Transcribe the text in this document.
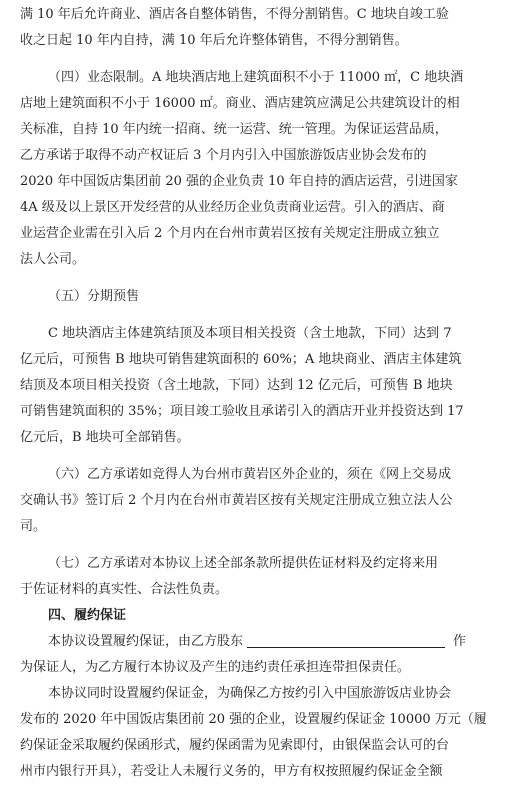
满 10 年后允许商业、酒店各自整体销售，不得分割销售。C 地块自竣工验
收之日起 10 年内自持，满 10 年后允许整体销售，不得分割销售。
（四）业态限制。A 地块酒店地上建筑面积不小于 11000 ㎡，C 地块酒
店地上建筑面积不小于 16000 ㎡。商业、酒店建筑应满足公共建筑设计的相
关标准，自持 10 年内统一招商、统一运营、统一管理。为保证运营品质，
乙方承诺于取得不动产权证后 3 个月内引入中国旅游饭店业协会发布的
2020 年中国饭店集团前 20 强的企业负责 10 年自持的酒店运营，引进国家
4A 级及以上景区开发经营的从业经历企业负责商业运营。引入的酒店、商
业运营企业需在引入后 2 个月内在台州市黄岩区按有关规定注册成立独立
法人公司。
（五）分期预售
C 地块酒店主体建筑结顶及本项目相关投资（含土地款，下同）达到 7
亿元后，可预售 B 地块可销售建筑面积的 60%；A 地块商业、酒店主体建筑
结顶及本项目相关投资（含土地款，下同）达到 12 亿元后，可预售 B 地块
可销售建筑面积的 35%；项目竣工验收且承诺引入的酒店开业并投资达到 17
亿元后，B 地块可全部销售。
（六）乙方承诺如竞得人为台州市黄岩区外企业的，须在《网上交易成
交确认书》签订后 2 个月内在台州市黄岩区按有关规定注册成立独立法人公
司。
（七）乙方承诺对本协议上述全部条款所提供佐证材料及约定将来用
于佐证材料的真实性、合法性负责。
四、履约保证
本协议设置履约保证，由乙方股东	作
为保证人，为乙方履行本协议及产生的违约责任承担连带担保责任。
本协议同时设置履约保证金，为确保乙方按约引入中国旅游饭店业协会
发布的 2020 年中国饭店集团前 20 强的企业，设置履约保证金 10000 万元（履
约保证金采取履约保函形式，履约保函需为见索即付，由银保监会认可的台
州市内银行开具），若受让人未履行义务的，甲方有权按照履约保证金全额
